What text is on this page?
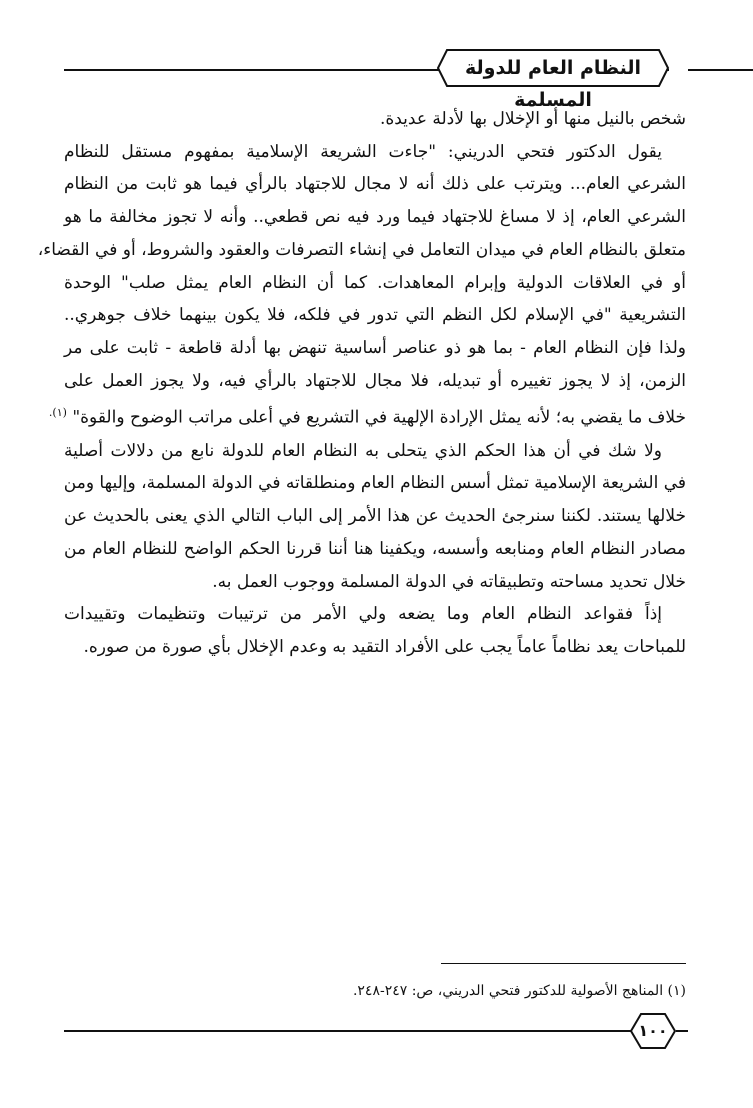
النظام العام للدولة المسلمة
شخص بالنيل منها أو الإخلال بها لأدلة عديدة.
يقول الدكتور فتحي الدريني: "جاءت الشريعة الإسلامية بمفهوم مستقل للنظام
الشرعي العام... ويترتب على ذلك أنه لا مجال للاجتهاد بالرأي فيما هو ثابت من النظام
الشرعي العام، إذ لا مساغ للاجتهاد فيما ورد فيه نص قطعي.. وأنه لا تجوز مخالفة ما هو
متعلق بالنظام العام في ميدان التعامل في إنشاء التصرفات والعقود والشروط، أو في القضاء،
أو في العلاقات الدولية وإبرام المعاهدات. كما أن النظام العام يمثل صلب" الوحدة
التشريعية "في الإسلام لكل النظم التي تدور في فلكه، فلا يكون بينهما خلاف جوهري..
ولذا فإن النظام العام - بما هو ذو عناصر أساسية تنهض بها أدلة قاطعة - ثابت على مر
الزمن، إذ لا يجوز تغييره أو تبديله، فلا مجال للاجتهاد بالرأي فيه، ولا يجوز العمل على
خلاف ما يقضي به؛ لأنه يمثل الإرادة الإلهية في التشريع في أعلى مراتب الوضوح والقوة" $^{(١).}$
ولا شك في أن هذا الحكم الذي يتحلى به النظام العام للدولة نابع من دلالات أصلية
في الشريعة الإسلامية تمثل أسس النظام العام ومنطلقاته في الدولة المسلمة، وإليها ومن
خلالها يستند. لكننا سنرجئ الحديث عن هذا الأمر إلى الباب التالي الذي يعنى بالحديث عن
مصادر النظام العام ومنابعه وأسسه، ويكفينا هنا أننا قررنا الحكم الواضح للنظام العام من
خلال تحديد مساحته وتطبيقاته في الدولة المسلمة ووجوب العمل به.
إذاً فقواعد النظام العام وما يضعه ولي الأمر من ترتيبات وتنظيمات وتقييدات
للمباحات يعد نظاماً عاماً يجب على الأفراد التقيد به وعدم الإخلال بأي صورة من صوره.
(١) المناهج الأصولية للدكتور فتحي الدريني، ص: ٢٤٧-٢٤٨.
١٠٠
